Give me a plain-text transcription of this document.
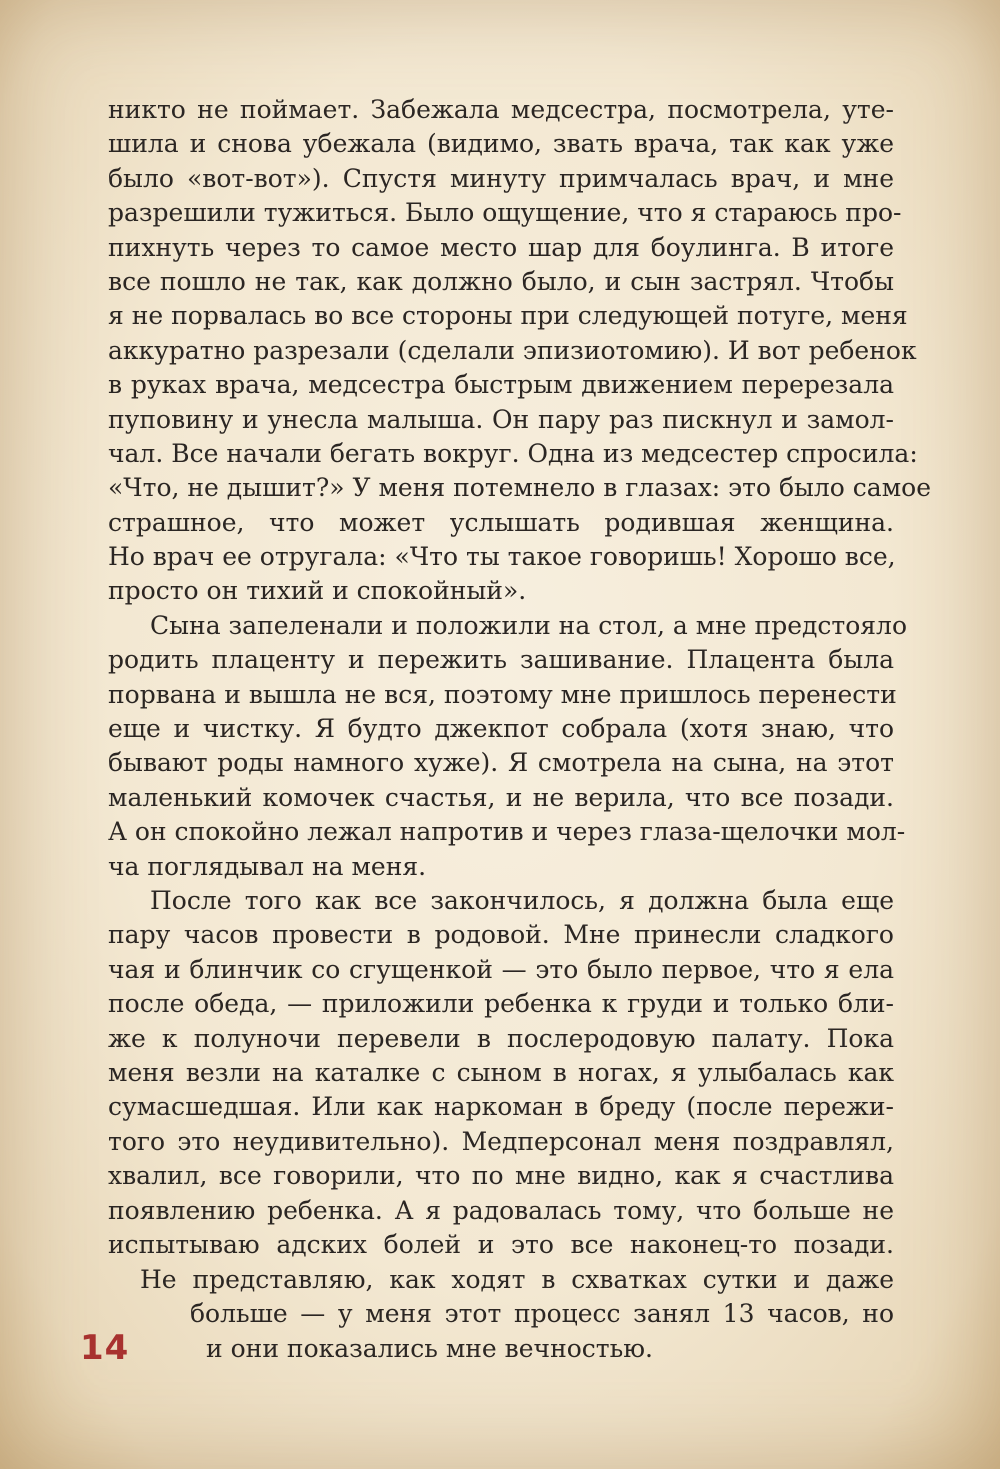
никто не поймает. Забежала медсестра, посмотрела, уте-
шила и снова убежала (видимо, звать врача, так как уже
было «вот-вот»). Спустя минуту примчалась врач, и мне
разрешили тужиться. Было ощущение, что я стараюсь про-
пихнуть через то самое место шар для боулинга. В итоге
все пошло не так, как должно было, и сын застрял. Чтобы
я не порвалась во все стороны при следующей потуге, меня
аккуратно разрезали (сделали эпизиотомию). И вот ребенок
в руках врача, медсестра быстрым движением перерезала
пуповину и унесла малыша. Он пару раз пискнул и замол-
чал. Все начали бегать вокруг. Одна из медсестер спросила:
«Что, не дышит?» У меня потемнело в глазах: это было самое
страшное, что может услышать родившая женщина.
Но врач ее отругала: «Что ты такое говоришь! Хорошо все,
просто он тихий и спокойный».
Сына запеленали и положили на стол, а мне предстояло
родить плаценту и пережить зашивание. Плацента была
порвана и вышла не вся, поэтому мне пришлось перенести
еще и чистку. Я будто джекпот собрала (хотя знаю, что
бывают роды намного хуже). Я смотрела на сына, на этот
маленький комочек счастья, и не верила, что все позади.
А он спокойно лежал напротив и через глаза-щелочки мол-
ча поглядывал на меня.
После того как все закончилось, я должна была еще
пару часов провести в родовой. Мне принесли сладкого
чая и блинчик со сгущенкой — это было первое, что я ела
после обеда, — приложили ребенка к груди и только бли-
же к полуночи перевели в послеродовую палату. Пока
меня везли на каталке с сыном в ногах, я улыбалась как
сумасшедшая. Или как наркоман в бреду (после пережи-
того это неудивительно). Медперсонал меня поздравлял,
хвалил, все говорили, что по мне видно, как я счастлива
появлению ребенка. А я радовалась тому, что больше не
испытываю адских болей и это все наконец-то позади.
Не представляю, как ходят в схватках сутки и даже
больше — у меня этот процесс занял 13 часов, но
и они показались мне вечностью.
14
